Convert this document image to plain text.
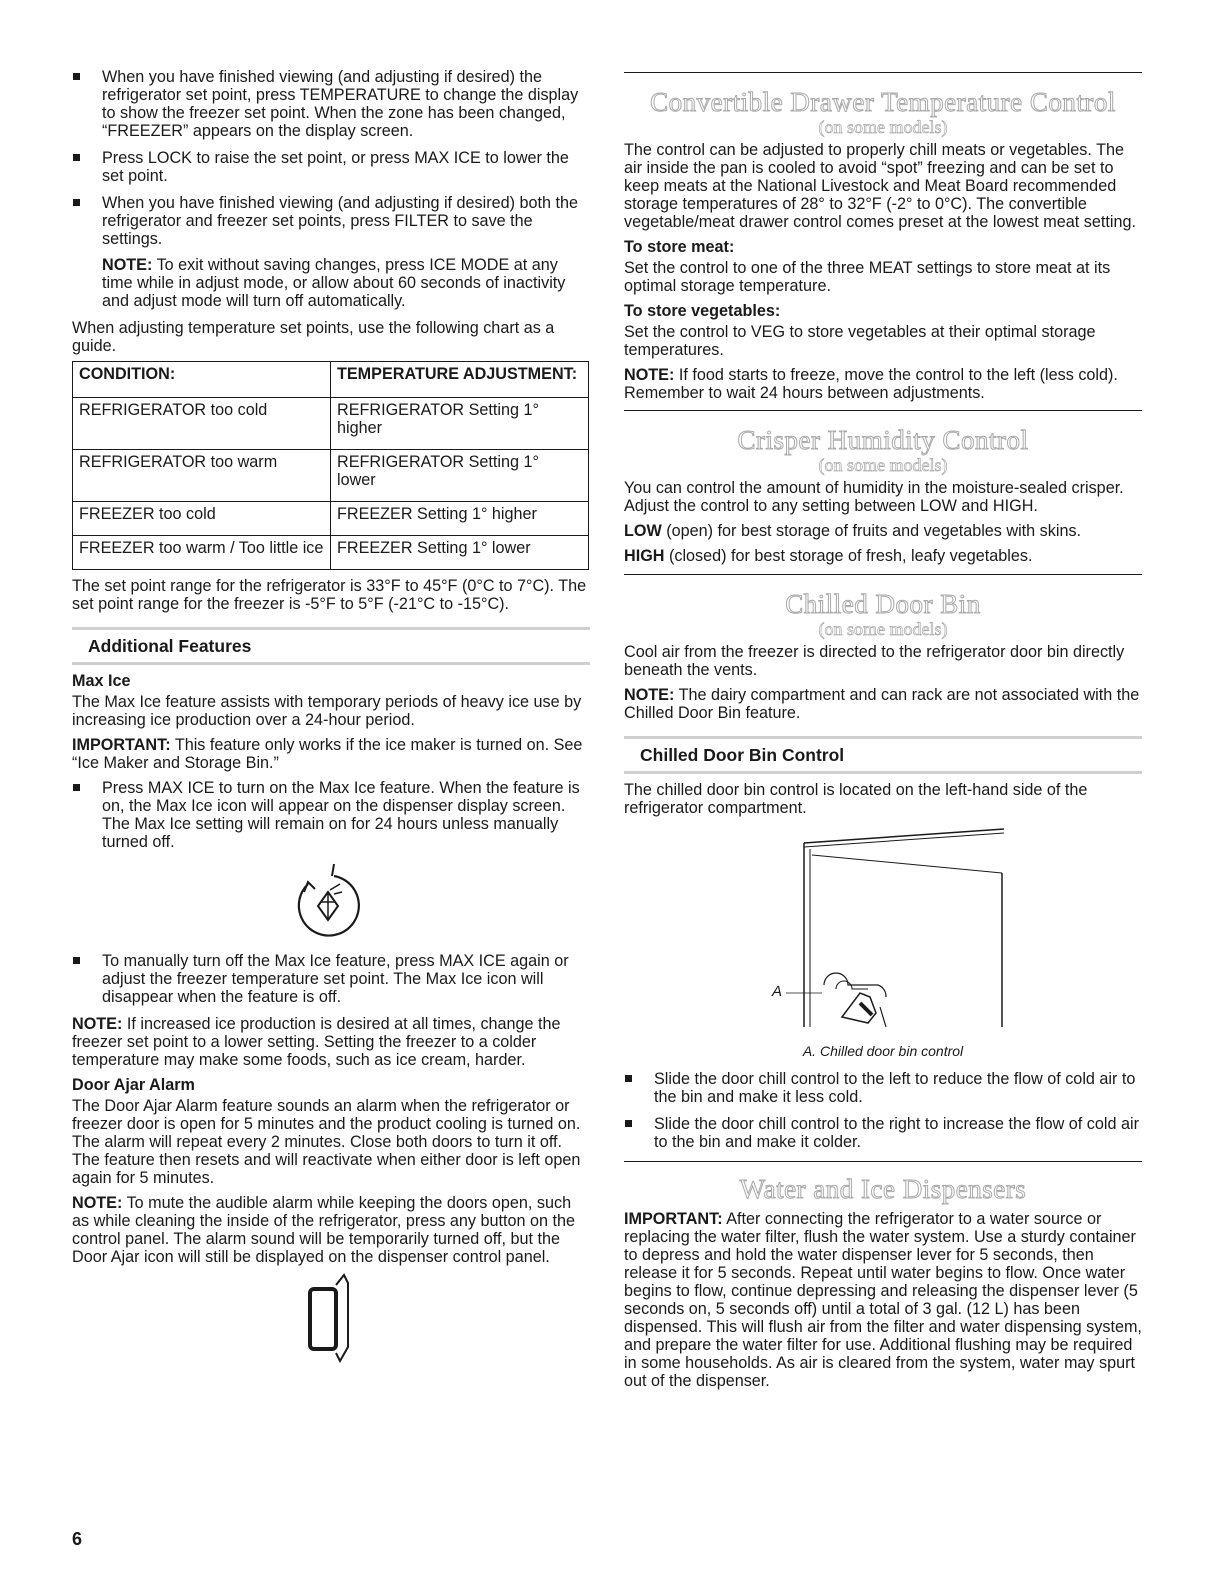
When you have finished viewing (and adjusting if desired) the refrigerator set point, press TEMPERATURE to change the display to show the freezer set point. When the zone has been changed, “FREEZER” appears on the display screen.

Press LOCK to raise the set point, or press MAX ICE to lower the set point.

When you have finished viewing (and adjusting if desired) both the refrigerator and freezer set points, press FILTER to save the settings.

NOTE: To exit without saving changes, press ICE MODE at any time while in adjust mode, or allow about 60 seconds of inactivity and adjust mode will turn off automatically.

When adjusting temperature set points, use the following chart as a guide.

CONDITION:	TEMPERATURE ADJUSTMENT:
REFRIGERATOR too cold	REFRIGERATOR Setting 1° higher
REFRIGERATOR too warm	REFRIGERATOR Setting 1° lower
FREEZER too cold	FREEZER Setting 1° higher
FREEZER too warm / Too little ice	FREEZER Setting 1° lower

The set point range for the refrigerator is 33°F to 45°F (0°C to 7°C). The set point range for the freezer is -5°F to 5°F (-21°C to -15°C).

Additional Features

Max Ice

The Max Ice feature assists with temporary periods of heavy ice use by increasing ice production over a 24-hour period.

IMPORTANT: This feature only works if the ice maker is turned on. See “Ice Maker and Storage Bin.”

Press MAX ICE to turn on the Max Ice feature. When the feature is on, the Max Ice icon will appear on the dispenser display screen. The Max Ice setting will remain on for 24 hours unless manually turned off.

To manually turn off the Max Ice feature, press MAX ICE again or adjust the freezer temperature set point. The Max Ice icon will disappear when the feature is off.

NOTE: If increased ice production is desired at all times, change the freezer set point to a lower setting. Setting the freezer to a colder temperature may make some foods, such as ice cream, harder.

Door Ajar Alarm

The Door Ajar Alarm feature sounds an alarm when the refrigerator or freezer door is open for 5 minutes and the product cooling is turned on. The alarm will repeat every 2 minutes. Close both doors to turn it off. The feature then resets and will reactivate when either door is left open again for 5 minutes.

NOTE: To mute the audible alarm while keeping the doors open, such as while cleaning the inside of the refrigerator, press any button on the control panel. The alarm sound will be temporarily turned off, but the Door Ajar icon will still be displayed on the dispenser control panel.

Convertible Drawer Temperature Control
(on some models)

The control can be adjusted to properly chill meats or vegetables. The air inside the pan is cooled to avoid “spot” freezing and can be set to keep meats at the National Livestock and Meat Board recommended storage temperatures of 28° to 32°F (-2° to 0°C). The convertible vegetable/meat drawer control comes preset at the lowest meat setting.

To store meat:

Set the control to one of the three MEAT settings to store meat at its optimal storage temperature.

To store vegetables:

Set the control to VEG to store vegetables at their optimal storage temperatures.

NOTE: If food starts to freeze, move the control to the left (less cold). Remember to wait 24 hours between adjustments.

Crisper Humidity Control
(on some models)

You can control the amount of humidity in the moisture-sealed crisper. Adjust the control to any setting between LOW and HIGH.

LOW (open) for best storage of fruits and vegetables with skins.

HIGH (closed) for best storage of fresh, leafy vegetables.

Chilled Door Bin
(on some models)

Cool air from the freezer is directed to the refrigerator door bin directly beneath the vents.

NOTE: The dairy compartment and can rack are not associated with the Chilled Door Bin feature.

Chilled Door Bin Control

The chilled door bin control is located on the left-hand side of the refrigerator compartment.

A

A. Chilled door bin control

Slide the door chill control to the left to reduce the flow of cold air to the bin and make it less cold.

Slide the door chill control to the right to increase the flow of cold air to the bin and make it colder.

Water and Ice Dispensers

IMPORTANT: After connecting the refrigerator to a water source or replacing the water filter, flush the water system. Use a sturdy container to depress and hold the water dispenser lever for 5 seconds, then release it for 5 seconds. Repeat until water begins to flow. Once water begins to flow, continue depressing and releasing the dispenser lever (5 seconds on, 5 seconds off) until a total of 3 gal. (12 L) has been dispensed. This will flush air from the filter and water dispensing system, and prepare the water filter for use. Additional flushing may be required in some households. As air is cleared from the system, water may spurt out of the dispenser.

6
